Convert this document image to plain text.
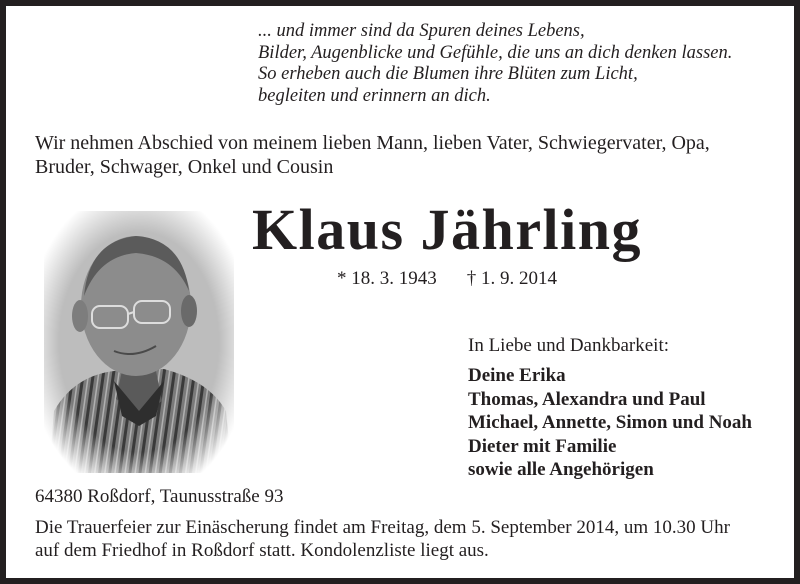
... und immer sind da Spuren deines Lebens,
Bilder, Augenblicke und Gefühle, die uns an dich denken lassen.
So erheben auch die Blumen ihre Blüten zum Licht,
begleiten und erinnern an dich.
Wir nehmen Abschied von meinem lieben Mann, lieben Vater, Schwiegervater, Opa,
Bruder, Schwager, Onkel und Cousin
Klaus Jährling
* 18. 3. 1943 † 1. 9. 2014
In Liebe und Dankbarkeit:
Deine Erika
Thomas, Alexandra und Paul
Michael, Annette, Simon und Noah
Dieter mit Familie
sowie alle Angehörigen
64380 Roßdorf, Taunusstraße 93
Die Trauerfeier zur Einäscherung findet am Freitag, dem 5. September 2014, um 10.30 Uhr
auf dem Friedhof in Roßdorf statt. Kondolenzliste liegt aus.
